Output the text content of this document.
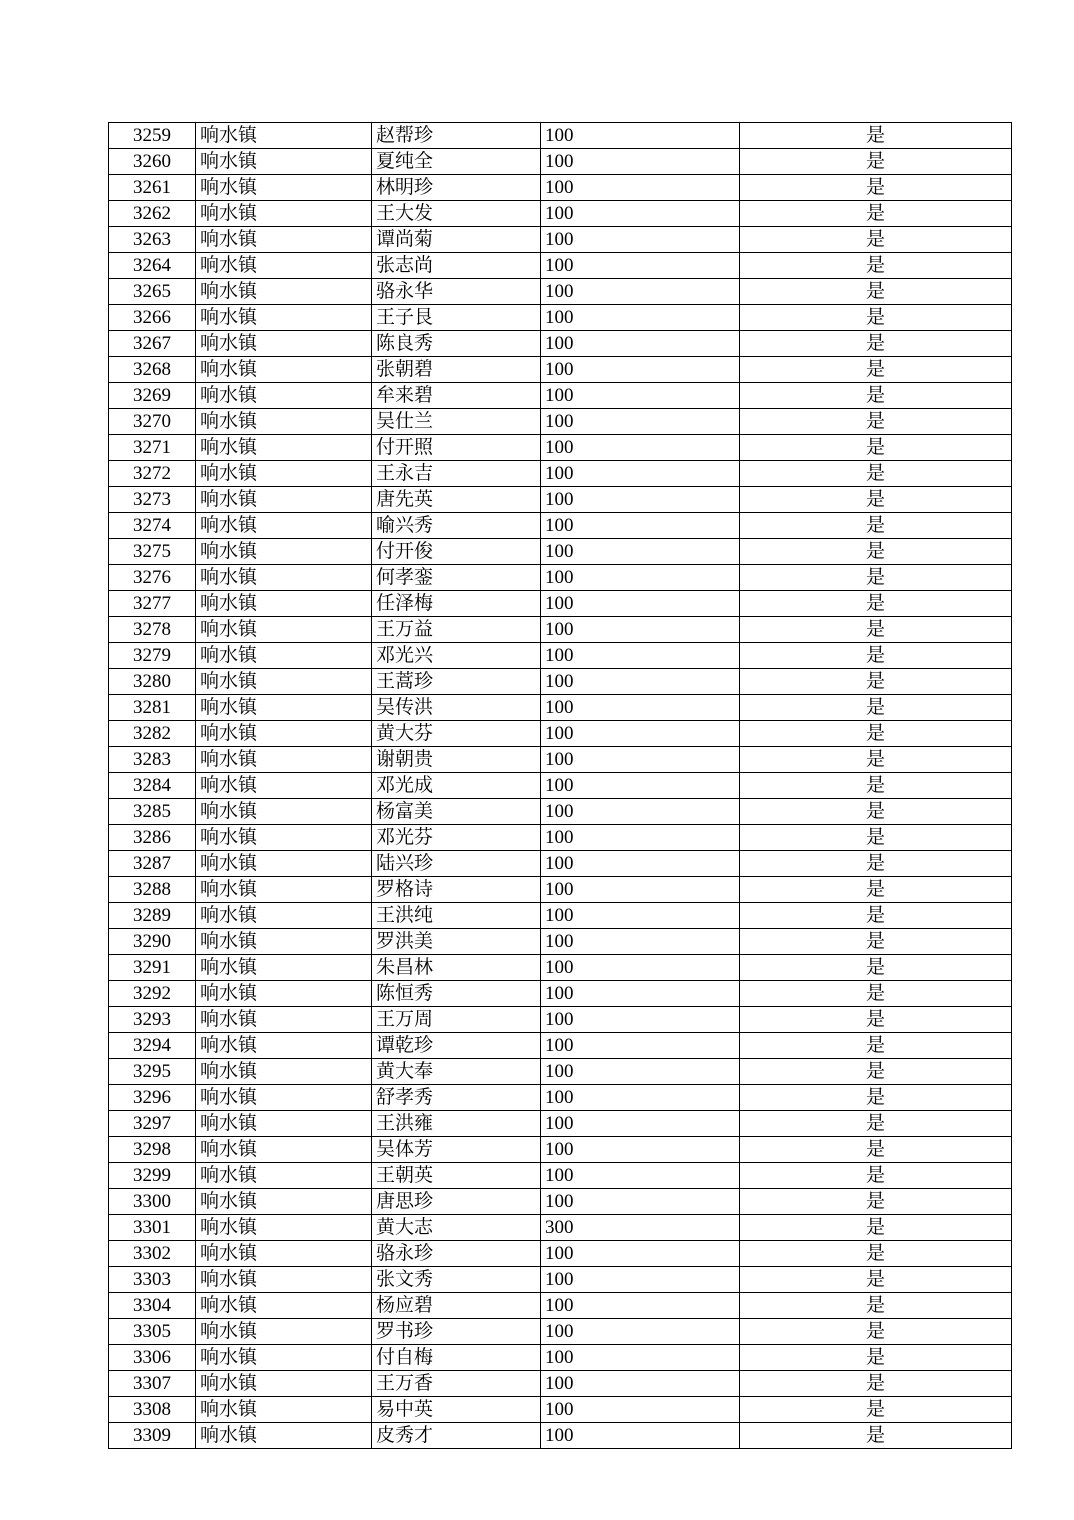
3259	响水镇	赵帮珍	100	是
3260	响水镇	夏纯全	100	是
3261	响水镇	林明珍	100	是
3262	响水镇	王大发	100	是
3263	响水镇	谭尚菊	100	是
3264	响水镇	张志尚	100	是
3265	响水镇	骆永华	100	是
3266	响水镇	王子艮	100	是
3267	响水镇	陈良秀	100	是
3268	响水镇	张朝碧	100	是
3269	响水镇	牟来碧	100	是
3270	响水镇	吴仕兰	100	是
3271	响水镇	付开照	100	是
3272	响水镇	王永吉	100	是
3273	响水镇	唐先英	100	是
3274	响水镇	喻兴秀	100	是
3275	响水镇	付开俊	100	是
3276	响水镇	何孝銮	100	是
3277	响水镇	任泽梅	100	是
3278	响水镇	王万益	100	是
3279	响水镇	邓光兴	100	是
3280	响水镇	王蒿珍	100	是
3281	响水镇	吴传洪	100	是
3282	响水镇	黄大芬	100	是
3283	响水镇	谢朝贵	100	是
3284	响水镇	邓光成	100	是
3285	响水镇	杨富美	100	是
3286	响水镇	邓光芬	100	是
3287	响水镇	陆兴珍	100	是
3288	响水镇	罗格诗	100	是
3289	响水镇	王洪纯	100	是
3290	响水镇	罗洪美	100	是
3291	响水镇	朱昌林	100	是
3292	响水镇	陈恒秀	100	是
3293	响水镇	王万周	100	是
3294	响水镇	谭乾珍	100	是
3295	响水镇	黄大奉	100	是
3296	响水镇	舒孝秀	100	是
3297	响水镇	王洪雍	100	是
3298	响水镇	吴体芳	100	是
3299	响水镇	王朝英	100	是
3300	响水镇	唐思珍	100	是
3301	响水镇	黄大志	300	是
3302	响水镇	骆永珍	100	是
3303	响水镇	张文秀	100	是
3304	响水镇	杨应碧	100	是
3305	响水镇	罗书珍	100	是
3306	响水镇	付自梅	100	是
3307	响水镇	王万香	100	是
3308	响水镇	易中英	100	是
3309	响水镇	皮秀才	100	是
